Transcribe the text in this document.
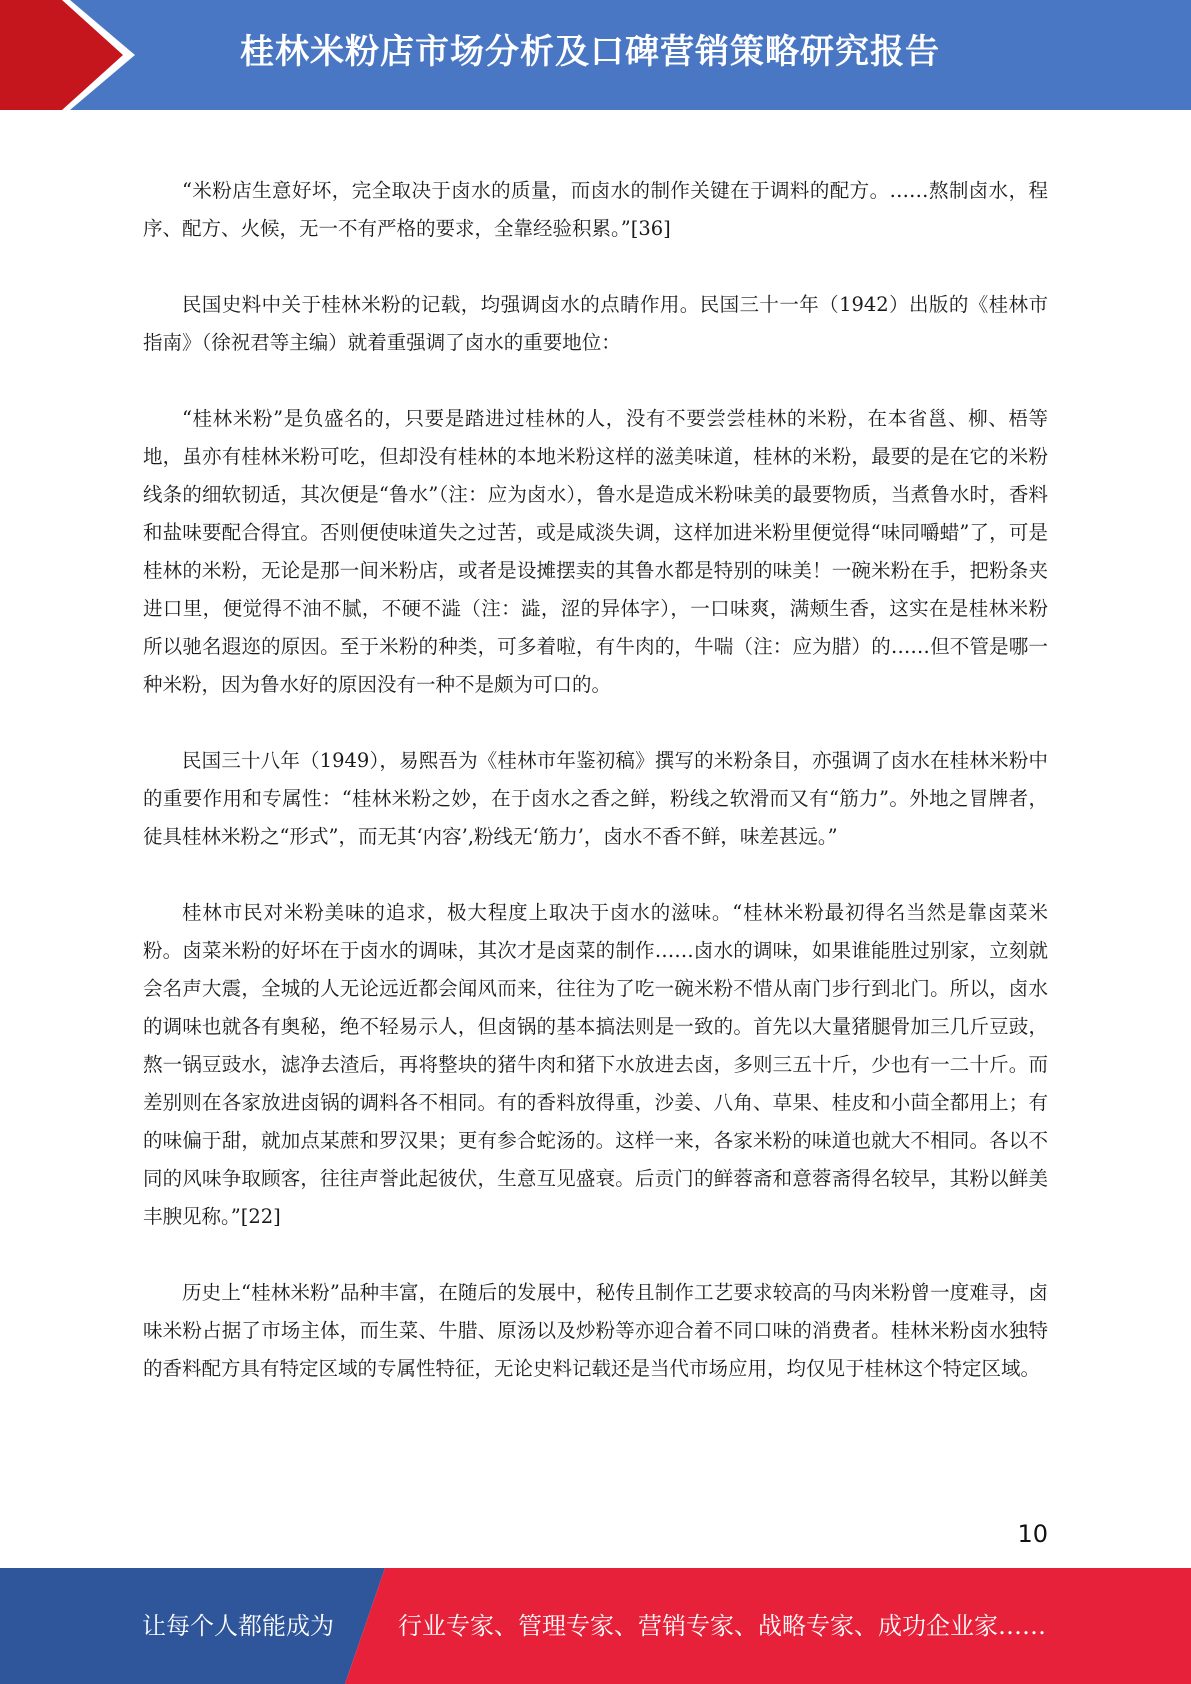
桂林米粉店市场分析及口碑营销策略研究报告

“米粉店生意好坏，完全取决于卤水的质量，而卤水的制作关键在于调料的配方。……熬制卤水，程序、配方、火候，无一不有严格的要求，全靠经验积累。”[36]

民国史料中关于桂林米粉的记载，均强调卤水的点睛作用。民国三十一年（1942）出版的《桂林市指南》（徐祝君等主编）就着重强调了卤水的重要地位：

“桂林米粉”是负盛名的，只要是踏进过桂林的人，没有不要尝尝桂林的米粉，在本省邕、柳、梧等地，虽亦有桂林米粉可吃，但却没有桂林的本地米粉这样的滋美味道，桂林的米粉，最要的是在它的米粉线条的细软韧适，其次便是“鲁水”（注：应为卤水），鲁水是造成米粉味美的最要物质，当煮鲁水时，香料和盐味要配合得宜。否则便使味道失之过苦，或是咸淡失调，这样加进米粉里便觉得“味同嚼蜡”了，可是桂林的米粉，无论是那一间米粉店，或者是设摊摆卖的其鲁水都是特别的味美！一碗米粉在手，把粉条夹进口里，便觉得不油不腻，不硬不澁（注：澁，涩的异体字），一口味爽，满颊生香，这实在是桂林米粉所以驰名遐迩的原因。至于米粉的种类，可多着啦，有牛肉的，牛喘（注：应为腊）的……但不管是哪一种米粉，因为鲁水好的原因没有一种不是颇为可口的。

民国三十八年（1949），易熙吾为《桂林市年鉴初稿》撰写的米粉条目，亦强调了卤水在桂林米粉中的重要作用和专属性：“桂林米粉之妙，在于卤水之香之鲜，粉线之软滑而又有“筋力”。外地之冒牌者，徒具桂林米粉之“形式”，而无其‘内容’,粉线无‘筋力’，卤水不香不鲜，味差甚远。”

桂林市民对米粉美味的追求，极大程度上取决于卤水的滋味。“桂林米粉最初得名当然是靠卤菜米粉。卤菜米粉的好坏在于卤水的调味，其次才是卤菜的制作……卤水的调味，如果谁能胜过别家，立刻就会名声大震，全城的人无论远近都会闻风而来，往往为了吃一碗米粉不惜从南门步行到北门。所以，卤水的调味也就各有奥秘，绝不轻易示人，但卤锅的基本搞法则是一致的。首先以大量猪腿骨加三几斤豆豉，熬一锅豆豉水，滤净去渣后，再将整块的猪牛肉和猪下水放进去卤，多则三五十斤，少也有一二十斤。而差别则在各家放进卤锅的调料各不相同。有的香料放得重，沙姜、八角、草果、桂皮和小茴全都用上；有的味偏于甜，就加点某蔗和罗汉果；更有参合蛇汤的。这样一来，各家米粉的味道也就大不相同。各以不同的风味争取顾客，往往声誉此起彼伏，生意互见盛衰。后贡门的鲜蓉斋和意蓉斋得名较早，其粉以鲜美丰腴见称。”[22]

历史上“桂林米粉”品种丰富，在随后的发展中，秘传且制作工艺要求较高的马肉米粉曾一度难寻，卤味米粉占据了市场主体，而生菜、牛腊、原汤以及炒粉等亦迎合着不同口味的消费者。桂林米粉卤水独特的香料配方具有特定区域的专属性特征，无论史料记载还是当代市场应用，均仅见于桂林这个特定区域。

10
让每个人都能成为	行业专家、管理专家、营销专家、战略专家、成功企业家……
